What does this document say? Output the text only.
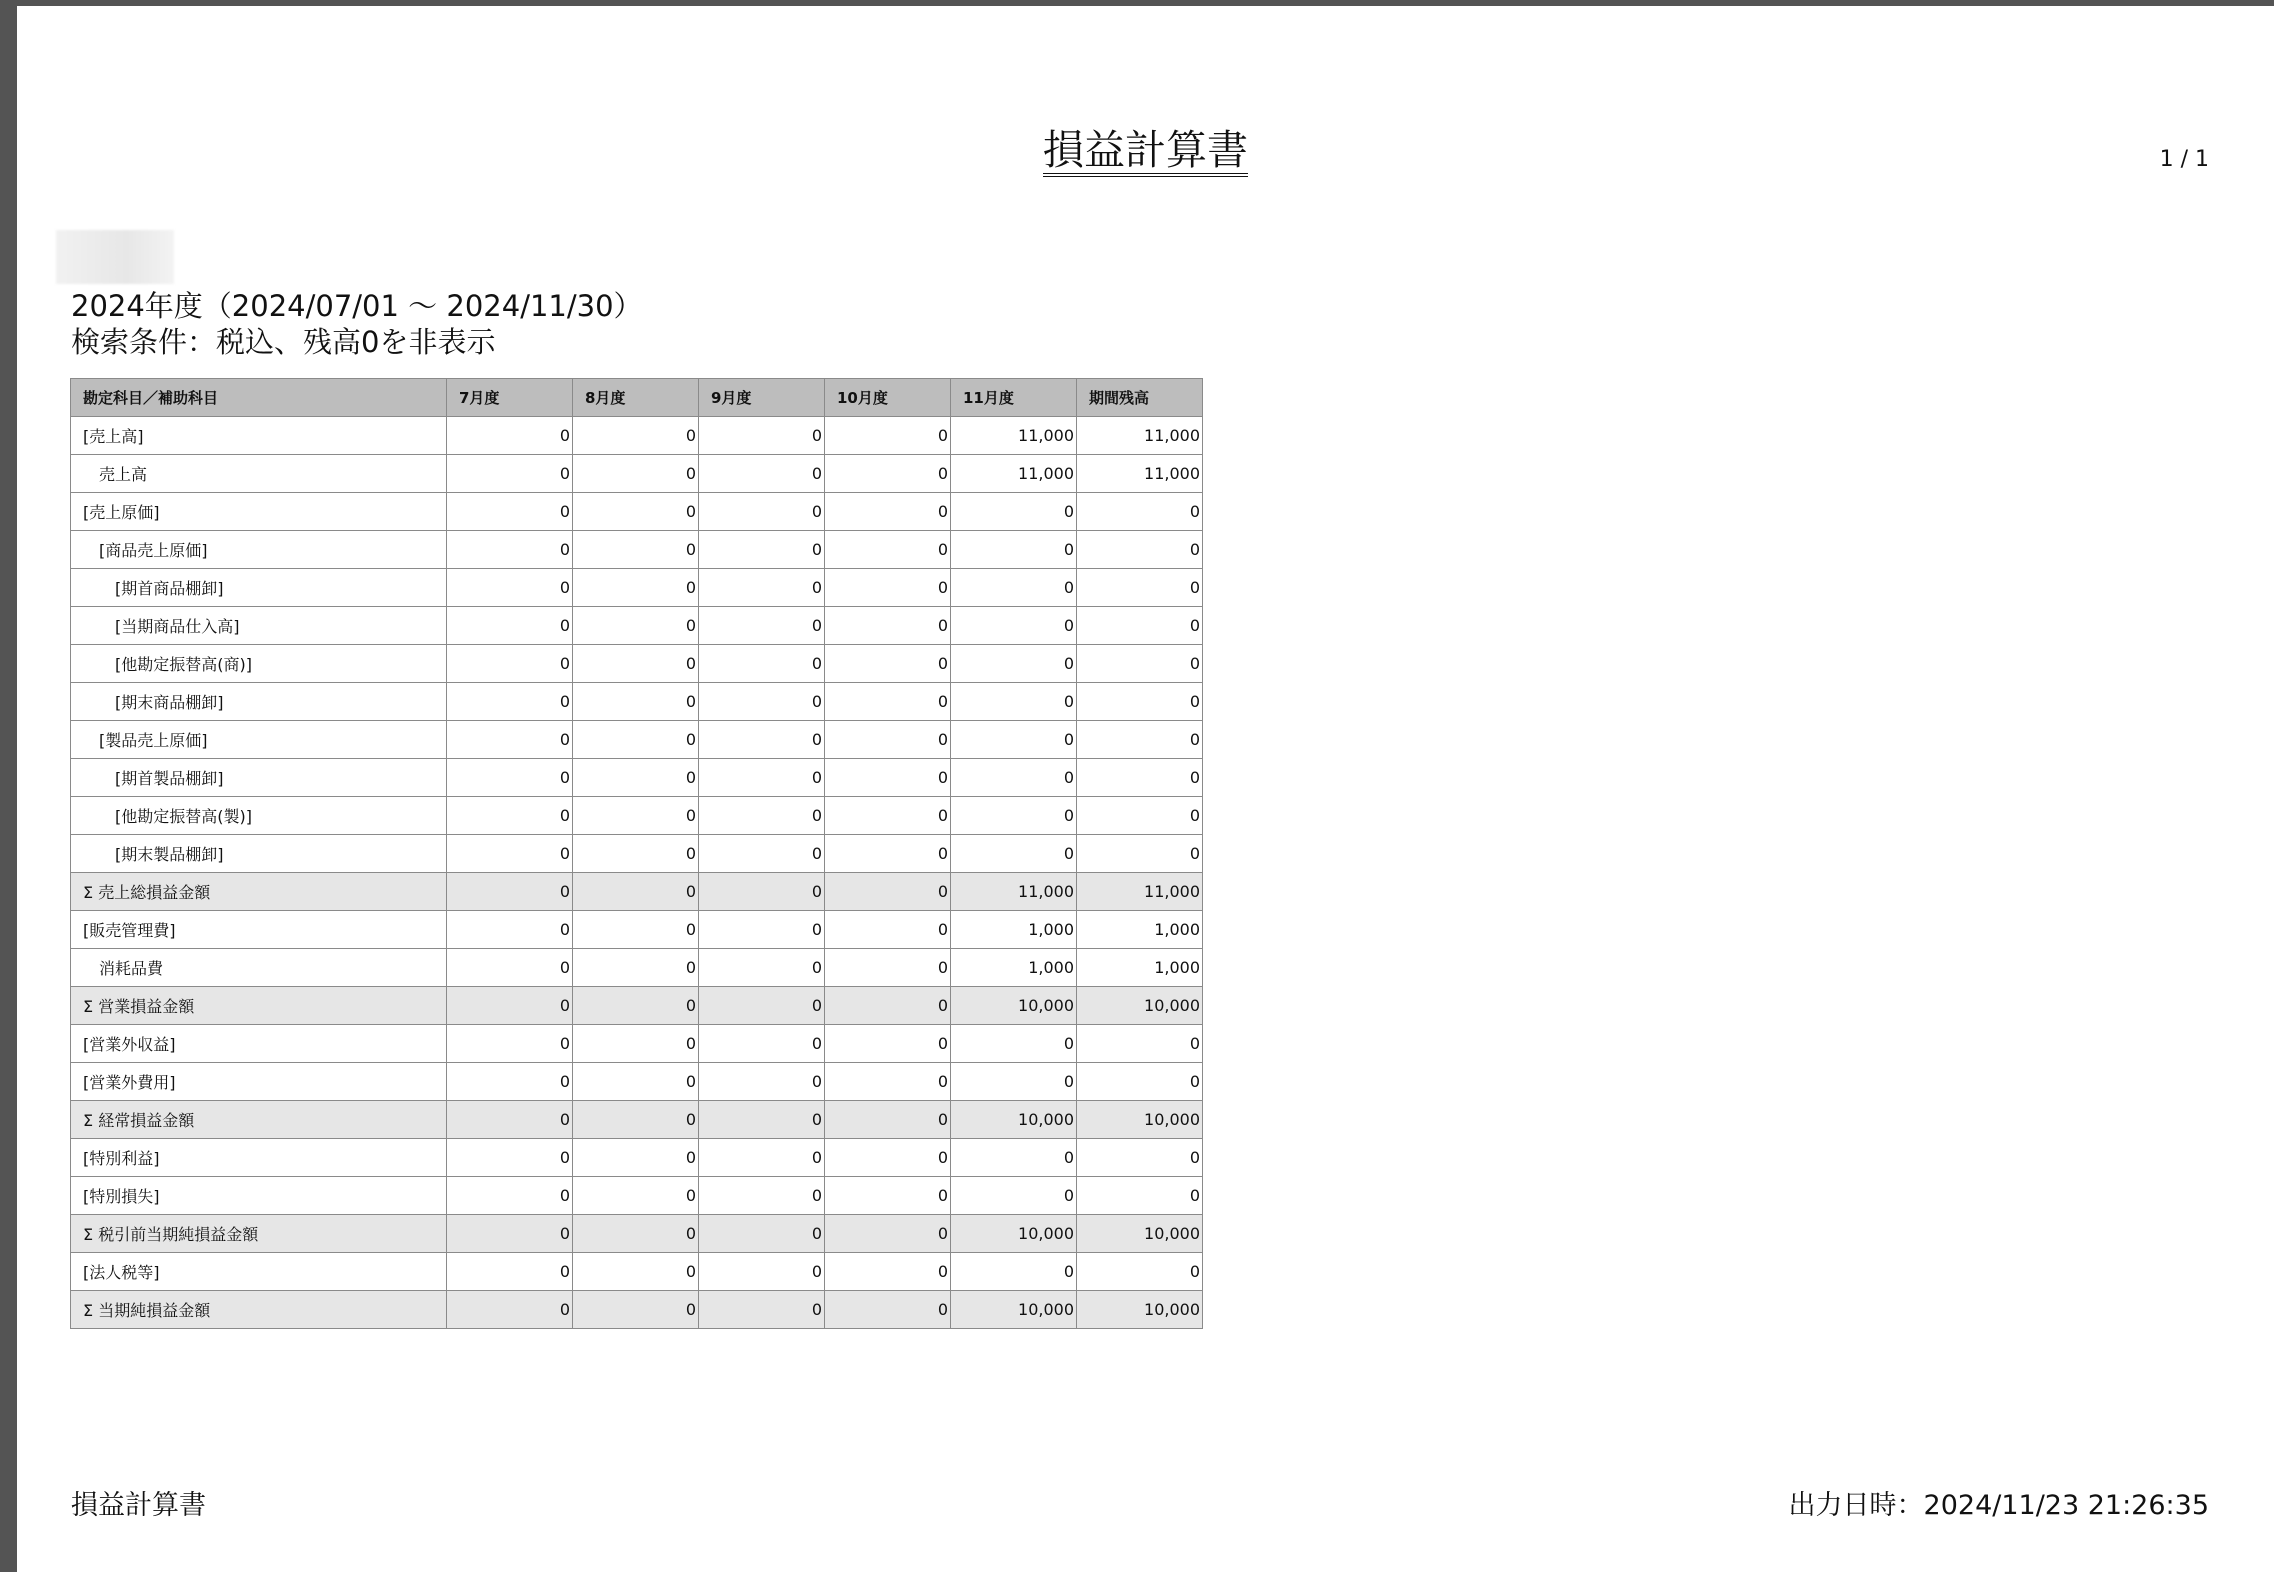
損益計算書	1 / 1
2024年度（2024/07/01 〜 2024/11/30）
検索条件：税込、残高0を非表示
勘定科目／補助科目	7月度	8月度	9月度	10月度	11月度	期間残高
[売上高]	0	0	0	0	11,000	11,000
売上高	0	0	0	0	11,000	11,000
[売上原価]	0	0	0	0	0	0
[商品売上原価]	0	0	0	0	0	0
[期首商品棚卸]	0	0	0	0	0	0
[当期商品仕入高]	0	0	0	0	0	0
[他勘定振替高(商)]	0	0	0	0	0	0
[期末商品棚卸]	0	0	0	0	0	0
[製品売上原価]	0	0	0	0	0	0
[期首製品棚卸]	0	0	0	0	0	0
[他勘定振替高(製)]	0	0	0	0	0	0
[期末製品棚卸]	0	0	0	0	0	0
Σ 売上総損益金額	0	0	0	0	11,000	11,000
[販売管理費]	0	0	0	0	1,000	1,000
消耗品費	0	0	0	0	1,000	1,000
Σ 営業損益金額	0	0	0	0	10,000	10,000
[営業外収益]	0	0	0	0	0	0
[営業外費用]	0	0	0	0	0	0
Σ 経常損益金額	0	0	0	0	10,000	10,000
[特別利益]	0	0	0	0	0	0
[特別損失]	0	0	0	0	0	0
Σ 税引前当期純損益金額	0	0	0	0	10,000	10,000
[法人税等]	0	0	0	0	0	0
Σ 当期純損益金額	0	0	0	0	10,000	10,000
損益計算書	出力日時：2024/11/23 21:26:35
